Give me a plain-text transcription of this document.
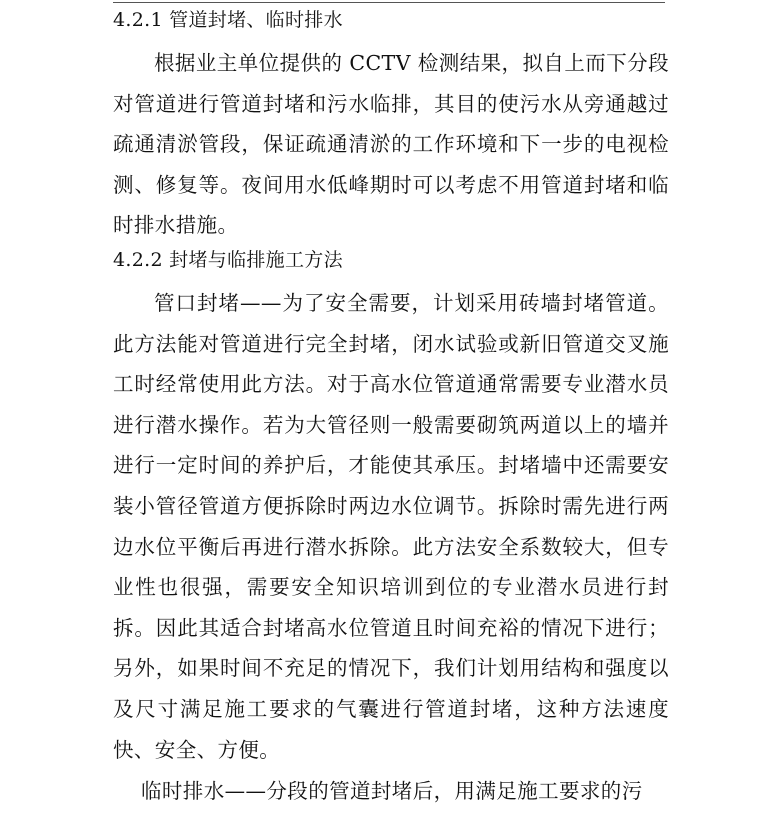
4.2.1 管道封堵、临时排水

根据业主单位提供的 CCTV 检测结果，拟自上而下分段对管道进行管道封堵和污水临排，其目的使污水从旁通越过疏通清淤管段，保证疏通清淤的工作环境和下一步的电视检测、修复等。夜间用水低峰期时可以考虑不用管道封堵和临时排水措施。

4.2.2 封堵与临排施工方法

管口封堵——为了安全需要，计划采用砖墙封堵管道。此方法能对管道进行完全封堵，闭水试验或新旧管道交叉施工时经常使用此方法。对于高水位管道通常需要专业潜水员进行潜水操作。若为大管径则一般需要砌筑两道以上的墙并进行一定时间的养护后，才能使其承压。封堵墙中还需要安装小管径管道方便拆除时两边水位调节。拆除时需先进行两边水位平衡后再进行潜水拆除。此方法安全系数较大，但专业性也很强，需要安全知识培训到位的专业潜水员进行封拆。因此其适合封堵高水位管道且时间充裕的情况下进行；另外，如果时间不充足的情况下，我们计划用结构和强度以及尺寸满足施工要求的气囊进行管道封堵，这种方法速度快、安全、方便。

临时排水——分段的管道封堵后，用满足施工要求的污
